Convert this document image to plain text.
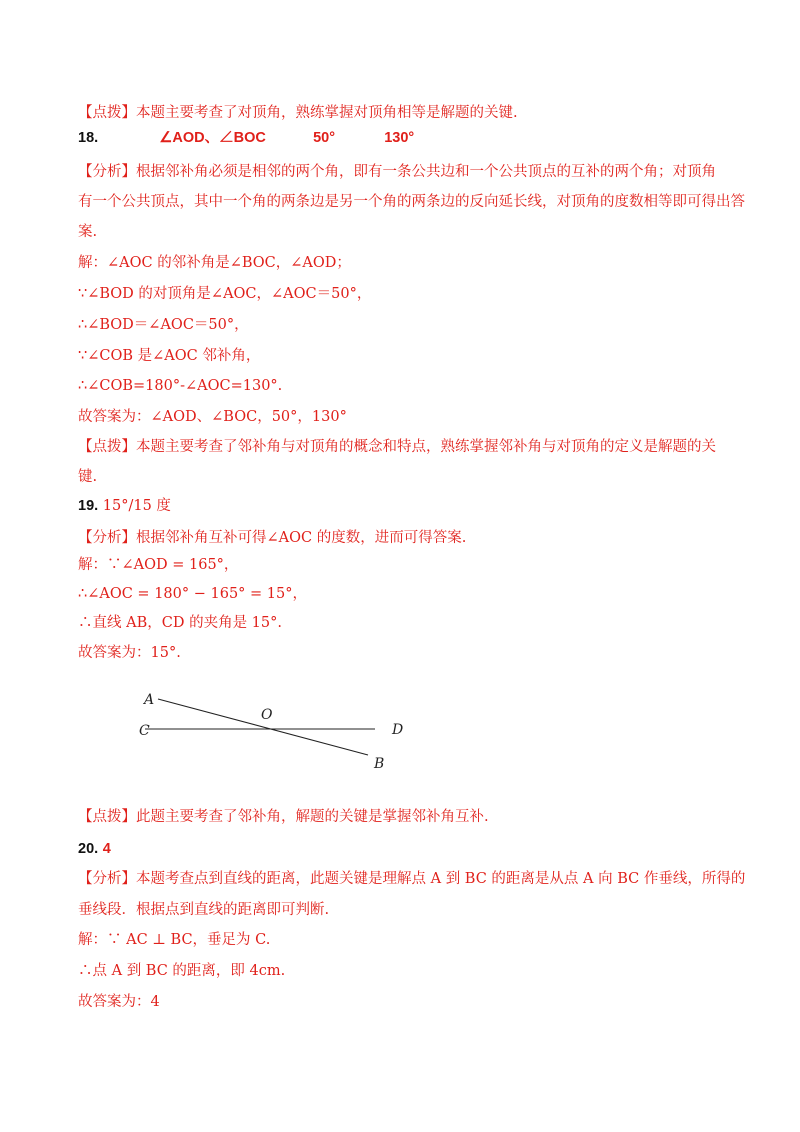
【点拨】本题主要考查了对顶角，熟练掌握对顶角相等是解题的关键.
18.	∠AOD、∠BOC	50°	130°
【分析】根据邻补角必须是相邻的两个角，即有一条公共边和一个公共顶点的互补的两个角；对顶角
有一个公共顶点，其中一个角的两条边是另一个角的两条边的反向延长线，对顶角的度数相等即可得出答
案.
解：∠AOC 的邻补角是∠BOC，∠AOD；
∵∠BOD 的对顶角是∠AOC，∠AOC＝50°，
∴∠BOD＝∠AOC＝50°，
∵∠COB 是∠AOC 邻补角，
∴∠COB=180°-∠AOC=130°.
故答案为：∠AOD、∠BOC，50°，130°
【点拨】本题主要考查了邻补角与对顶角的概念和特点，熟练掌握邻补角与对顶角的定义是解题的关
键.
19. 15°/15 度
【分析】根据邻补角互补可得∠AOC 的度数，进而可得答案.
解：∵∠AOD = 165°，
∴∠AOC = 180° − 165° = 15°，
∴直线 AB，CD 的夹角是 15°.
故答案为：15°.
A
C
O
D
B
【点拨】此题主要考查了邻补角，解题的关键是掌握邻补角互补.
20. 4
【分析】本题考查点到直线的距离，此题关键是理解点 A 到 BC 的距离是从点 A 向 BC 作垂线，所得的
垂线段．根据点到直线的距离即可判断.
解：∵ AC ⊥ BC，垂足为 C.
∴点 A 到 BC 的距离，即 4cm.
故答案为：4
